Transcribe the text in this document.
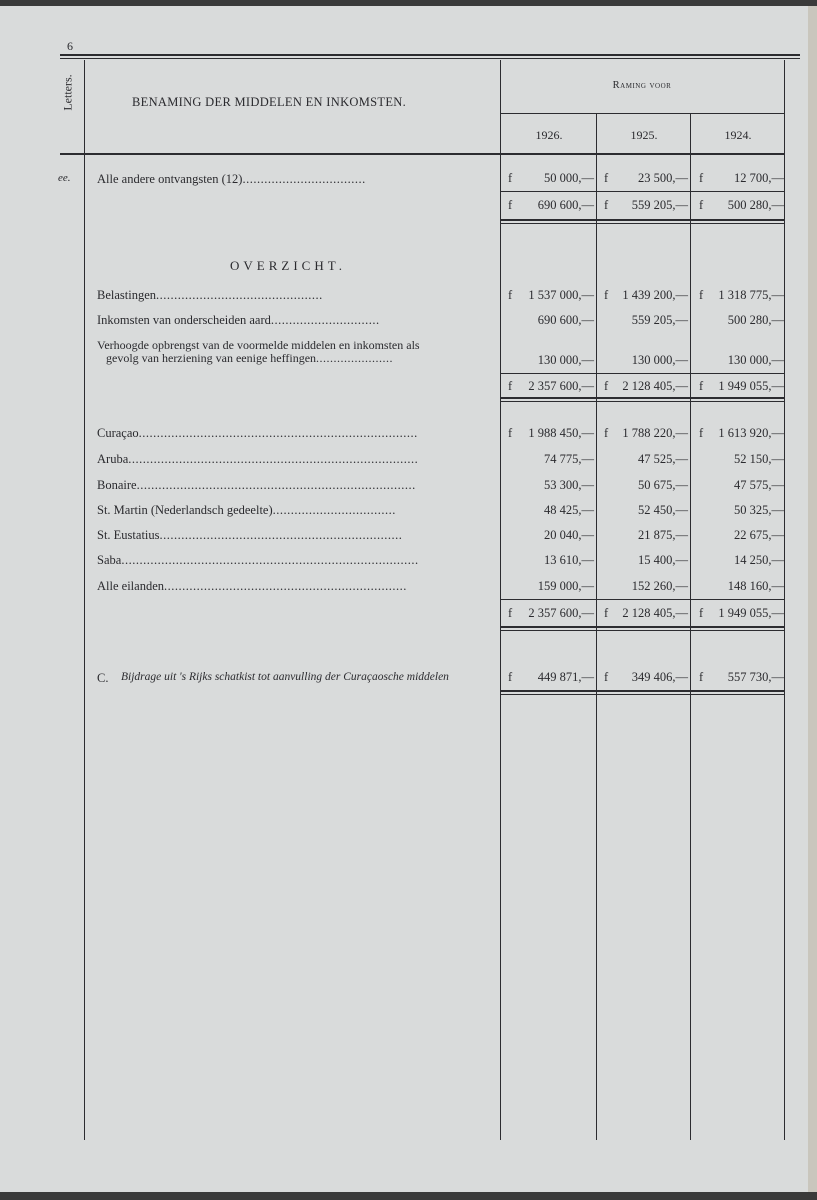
6
Letters.	BENAMING DER MIDDELEN EN INKOMSTEN.
Raming voor
1926.	1925.	1924.
ee. Alle andere ontvangsten (12)..................................	f	50 000,— f	23 500,— f	12 700,—
f	690 600,— f	559 205,— f	500 280,—
OVERZICHT.
Belastingen..............................................	f	1 537 000,— f	1 439 200,— f	1 318 775,—
Inkomsten van onderscheiden aard..............................	690 600,—	559 205,—	500 280,—
Verhoogde opbrengst van de voormelde middelen en inkomsten als
gevolg van herziening van eenige heffingen......................	130 000,—	130 000,—	130 000,—
f	2 357 600,— f	2 128 405,— f	1 949 055,—
Curaçao.............................................................................	f	1 988 450,— f	1 788 220,— f	1 613 920,—
Aruba................................................................................	74 775,—	47 525,—	52 150,—
Bonaire.............................................................................	53 300,—	50 675,—	47 575,—
St. Martin (Nederlandsch gedeelte)..................................	48 425,—	52 450,—	50 325,—
St. Eustatius...................................................................	20 040,—	21 875,—	22 675,—
Saba..................................................................................	13 610,—	15 400,—	14 250,—
Alle eilanden...................................................................	159 000,—	152 260,—	148 160,—
f	2 357 600,— f	2 128 405,— f	1 949 055,—
C. Bijdrage uit 's Rijks schatkist tot aanvulling der Curaçaosche middelen	f	449 871,— f	349 406,— f	557 730,—
